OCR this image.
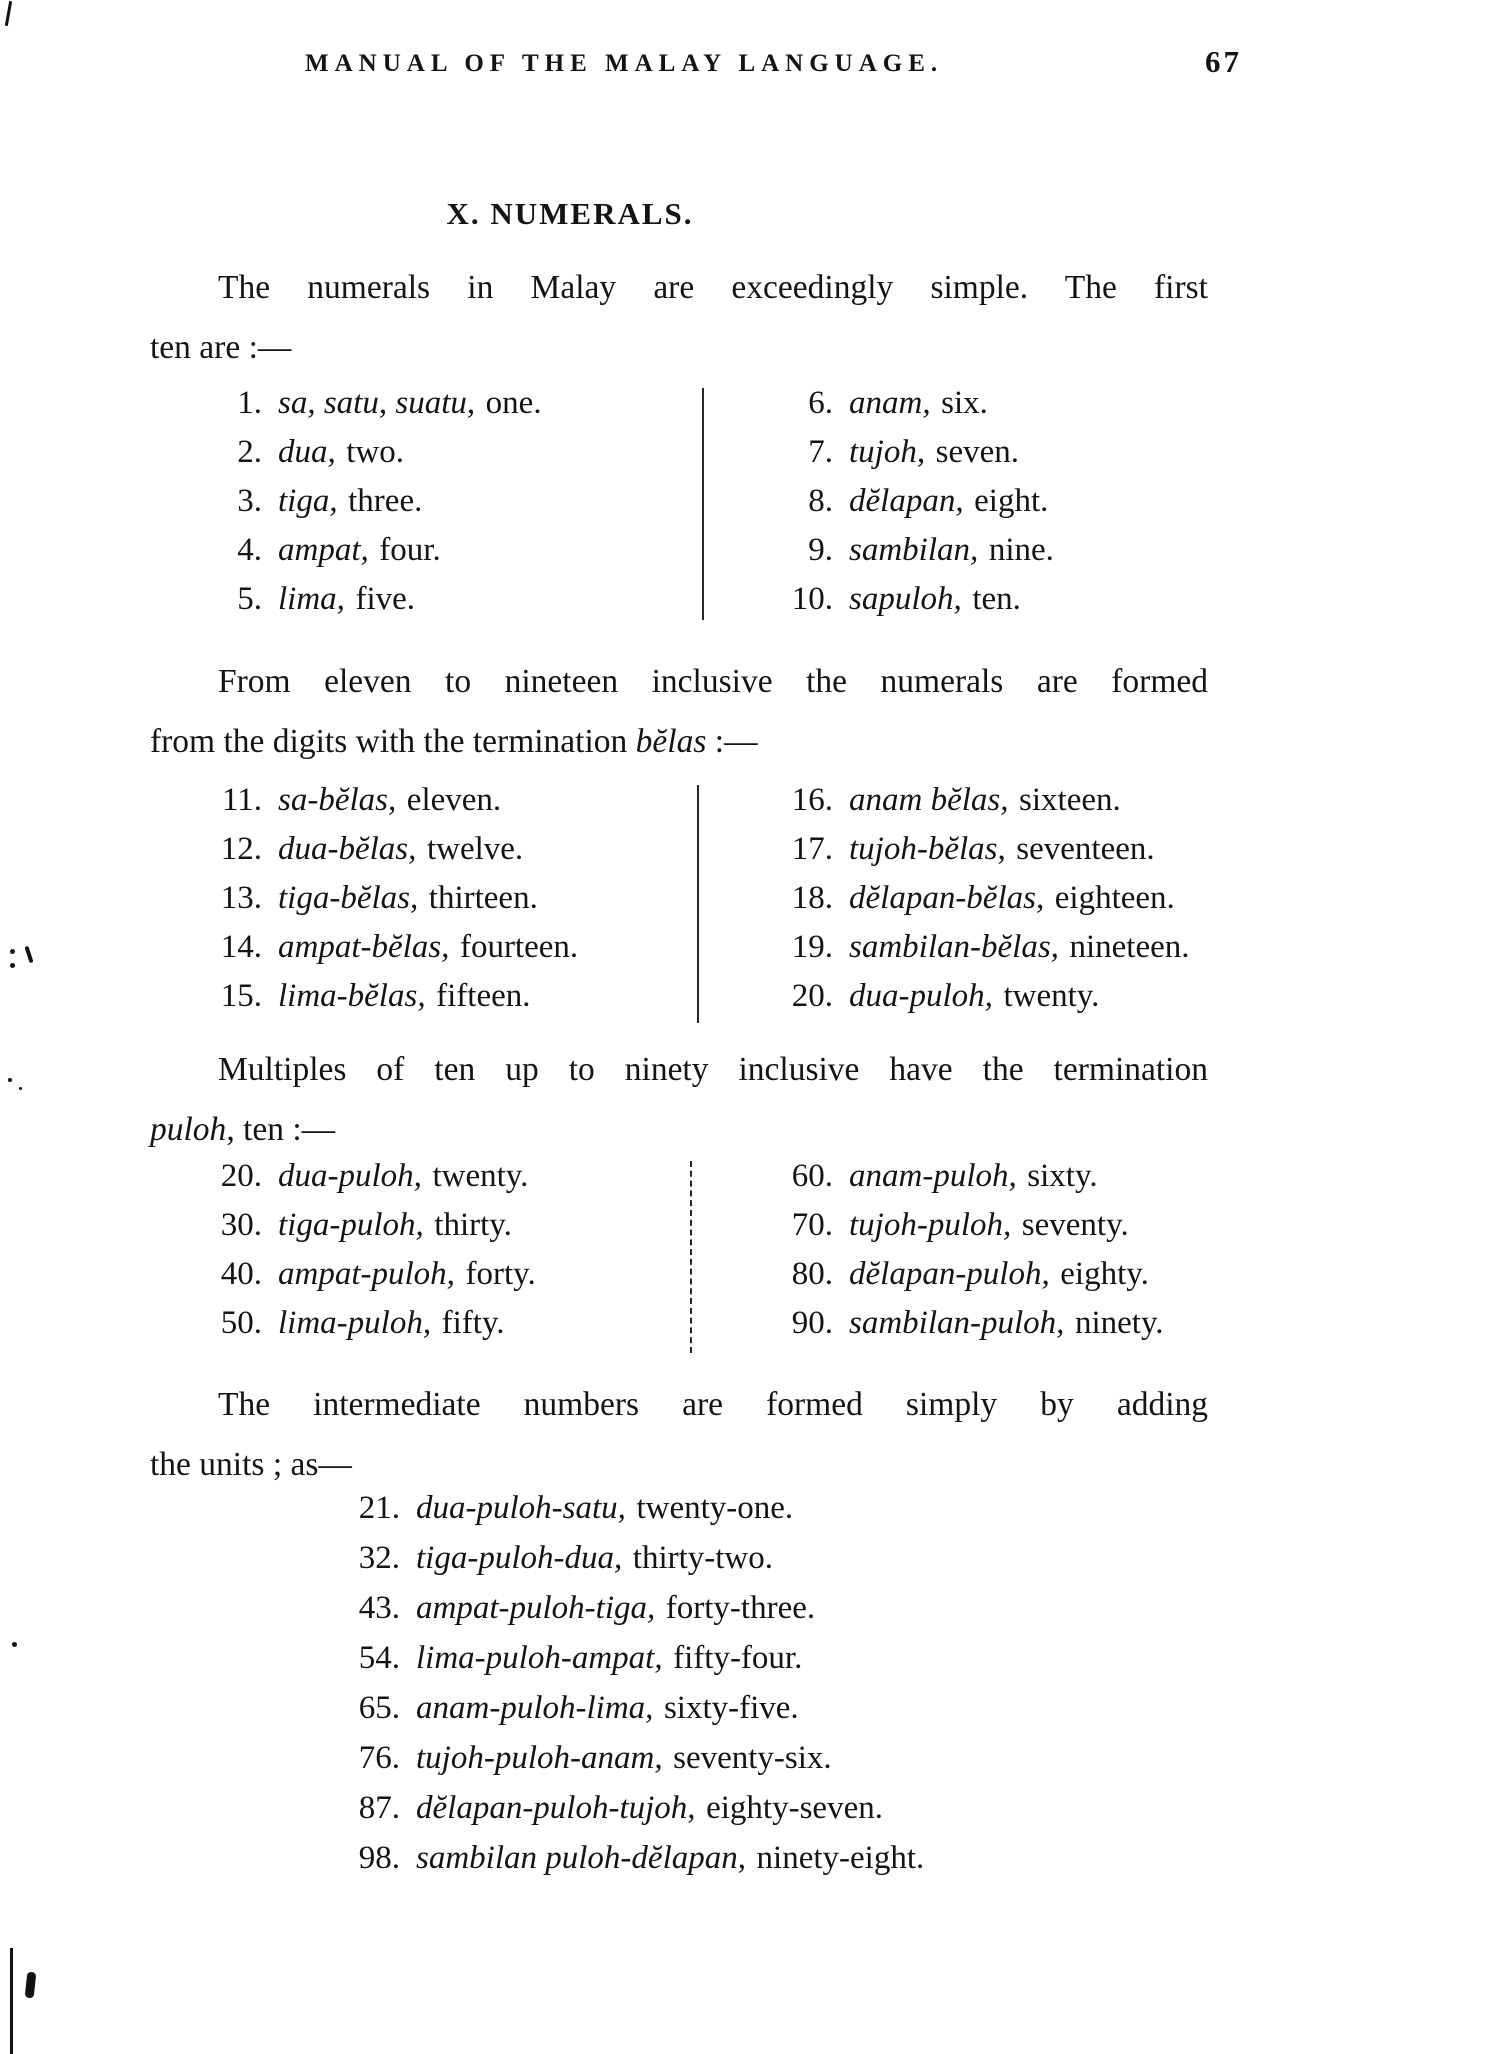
MANUAL OF THE MALAY LANGUAGE.	67
X. NUMERALS.
The numerals in Malay are exceedingly simple. The first
ten are :—
1. sa, satu, suatu, one.
2. dua, two.
3. tiga, three.
4. ampat, four.
5. lima, five.
6. anam, six.
7. tujoh, seven.
8. dĕlapan, eight.
9. sambilan, nine.
10. sapuloh, ten.
From eleven to nineteen inclusive the numerals are formed
from the digits with the termination bĕlas :—
11. sa-bĕlas, eleven.
12. dua-bĕlas, twelve.
13. tiga-bĕlas, thirteen.
14. ampat-bĕlas, fourteen.
15. lima-bĕlas, fifteen.
16. anam bĕlas, sixteen.
17. tujoh-bĕlas, seventeen.
18. dĕlapan-bĕlas, eighteen.
19. sambilan-bĕlas, nineteen.
20. dua-puloh, twenty.
Multiples of ten up to ninety inclusive have the termination
puloh, ten :—
20. dua-puloh, twenty.
30. tiga-puloh, thirty.
40. ampat-puloh, forty.
50. lima-puloh, fifty.
60. anam-puloh, sixty.
70. tujoh-puloh, seventy.
80. dĕlapan-puloh, eighty.
90. sambilan-puloh, ninety.
The intermediate numbers are formed simply by adding
the units ; as—
21. dua-puloh-satu, twenty-one.
32. tiga-puloh-dua, thirty-two.
43. ampat-puloh-tiga, forty-three.
54. lima-puloh-ampat, fifty-four.
65. anam-puloh-lima, sixty-five.
76. tujoh-puloh-anam, seventy-six.
87. dĕlapan-puloh-tujoh, eighty-seven.
98. sambilan puloh-dĕlapan, ninety-eight.
